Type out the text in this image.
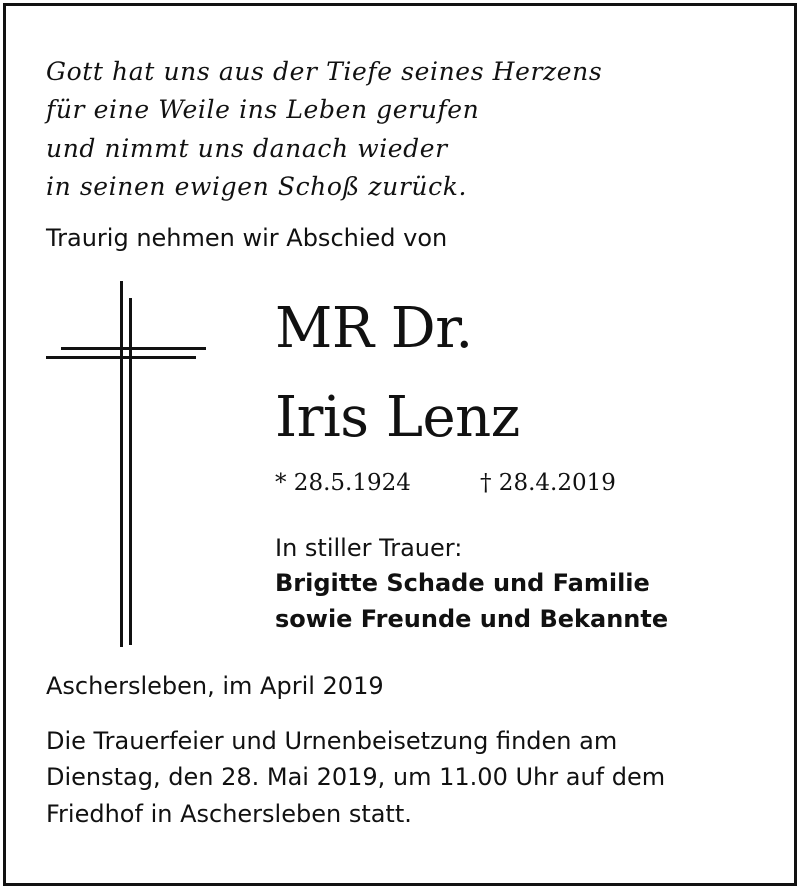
Gott hat uns aus der Tiefe seines Herzens
für eine Weile ins Leben gerufen
und nimmt uns danach wieder
in seinen ewigen Schoß zurück.
Traurig nehmen wir Abschied von
MR Dr.
Iris Lenz
* 28.5.1924	† 28.4.2019
In stiller Trauer:
Brigitte Schade und Familie
sowie Freunde und Bekannte
Aschersleben, im April 2019
Die Trauerfeier und Urnenbeisetzung finden am
Dienstag, den 28. Mai 2019, um 11.00 Uhr auf dem
Friedhof in Aschersleben statt.
